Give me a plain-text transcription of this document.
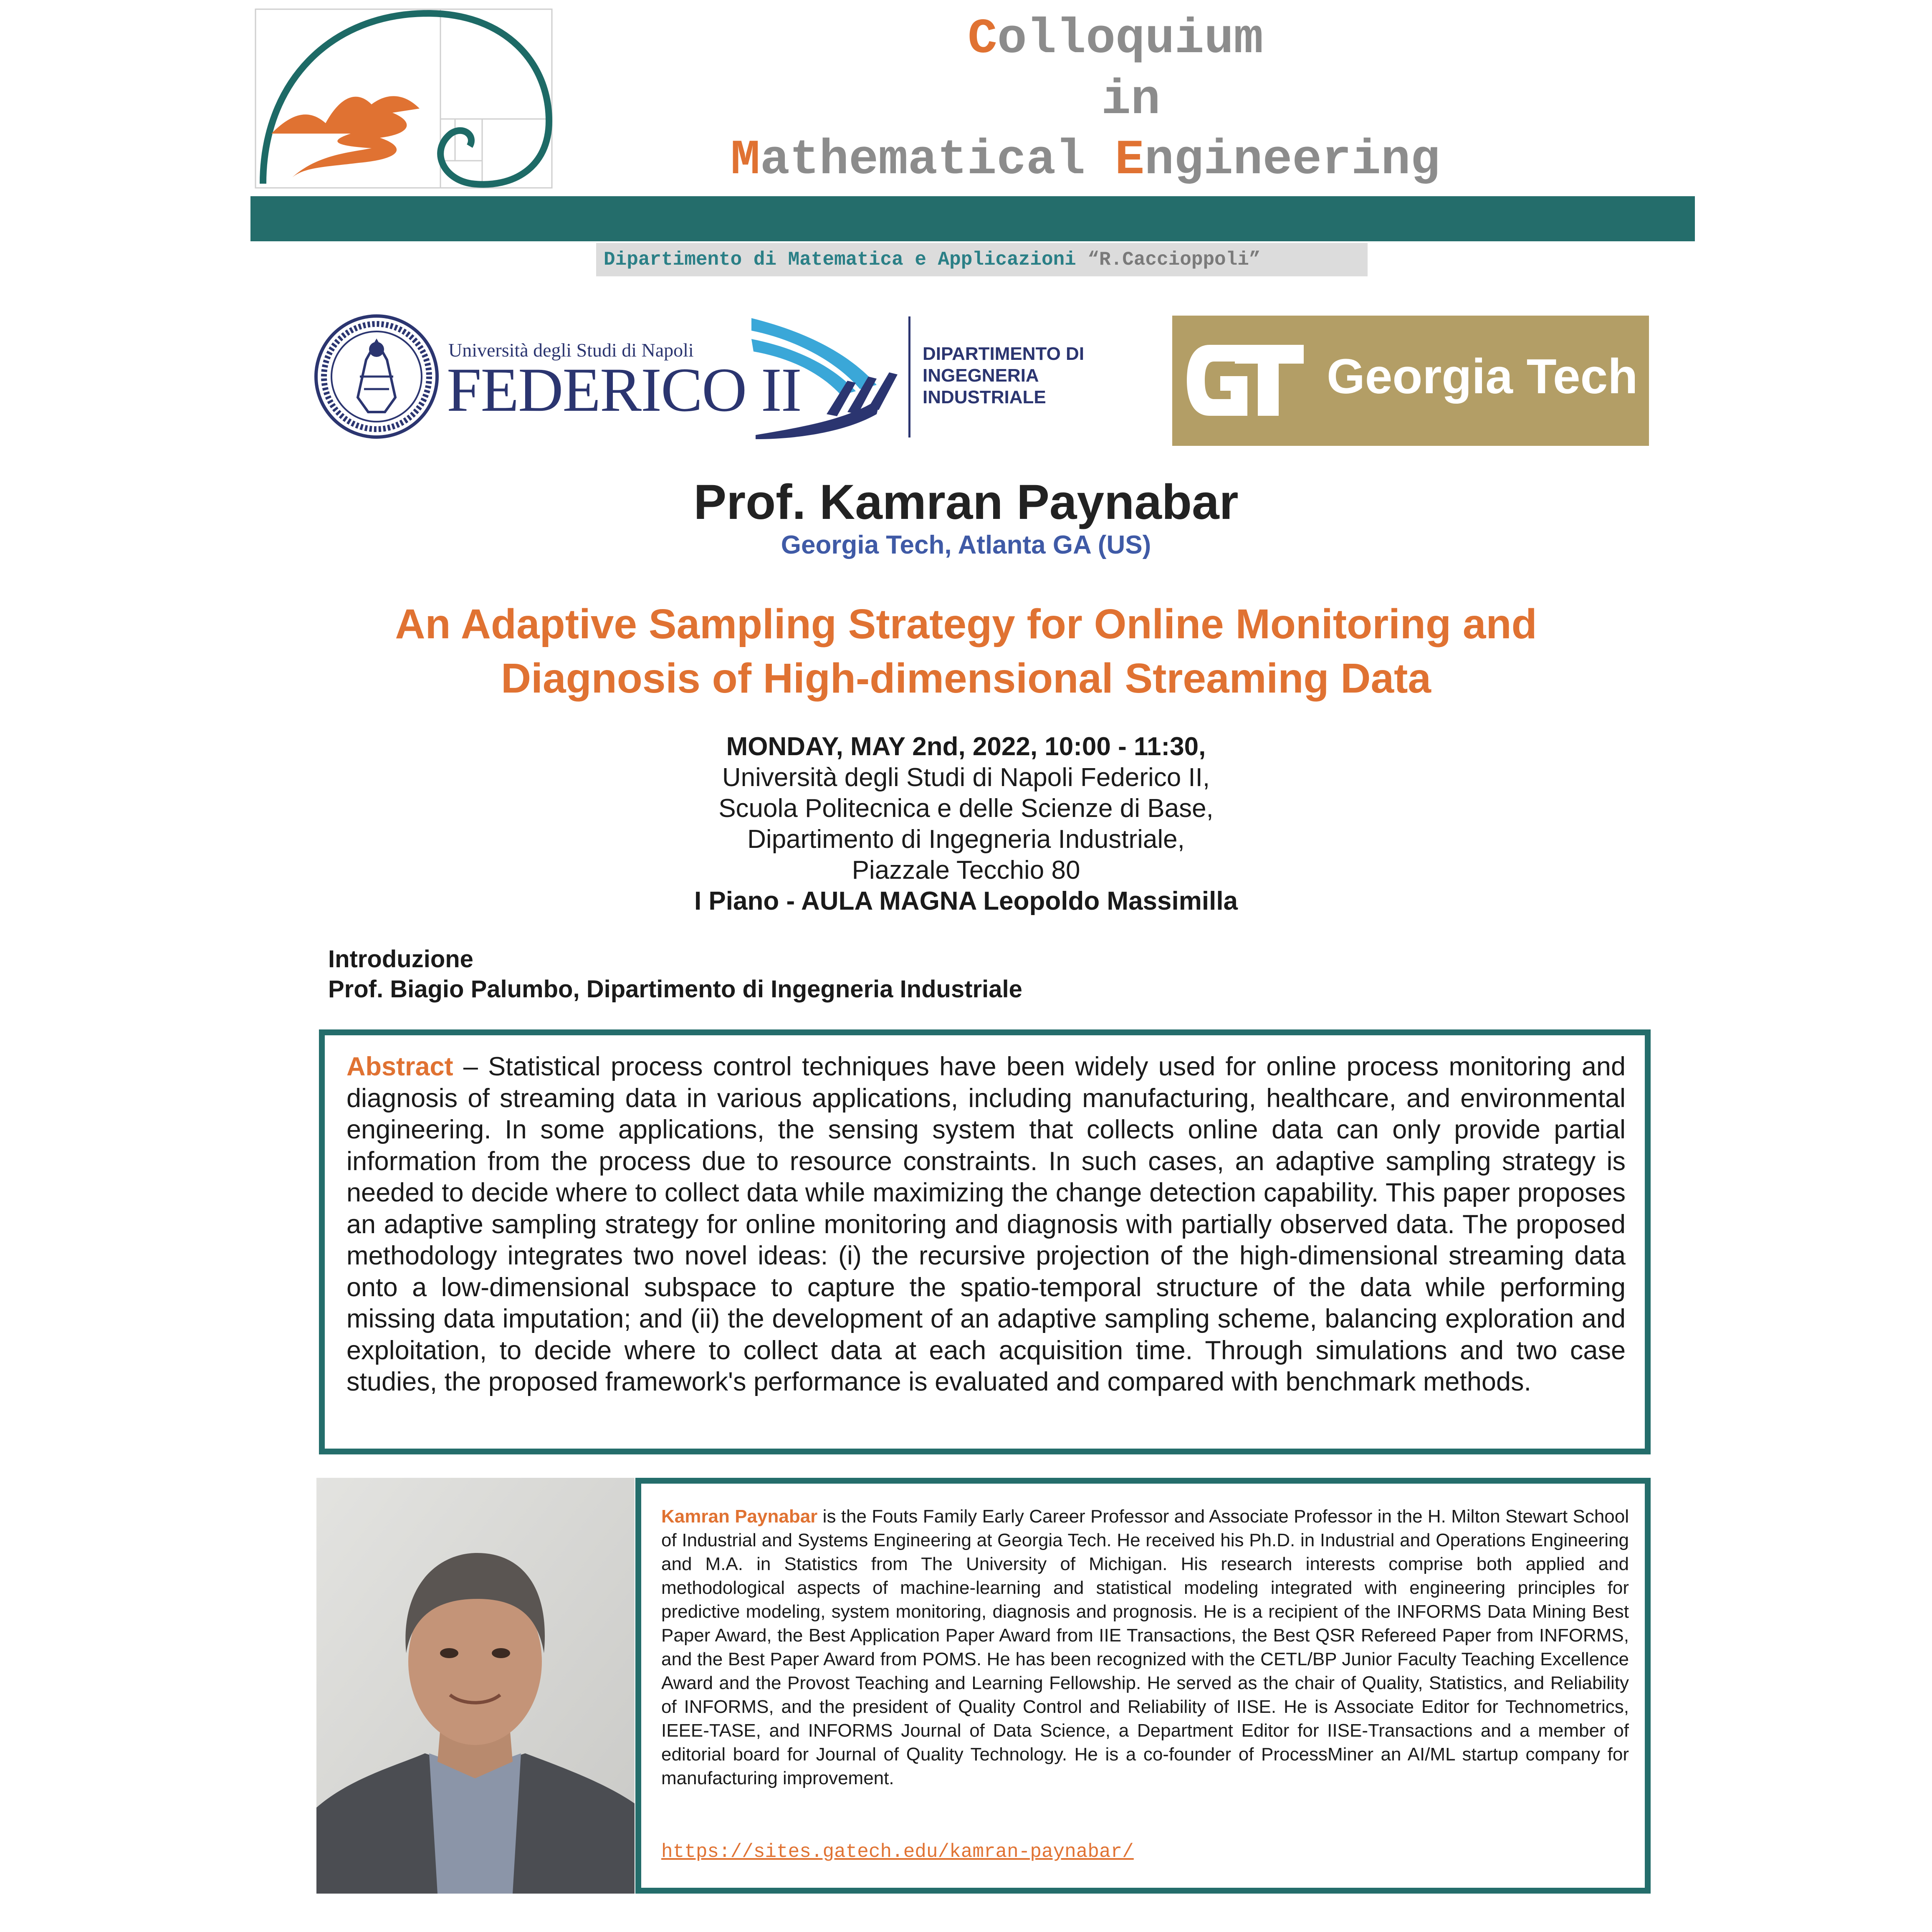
Colloquium
in
Mathematical Engineering
Dipartimento di Matematica e Applicazioni “R.Caccioppoli”
Università degli Studi di Napoli
FEDERICO II
DIPARTIMENTO DI
INGEGNERIA
INDUSTRIALE	Georgia Tech
Prof. Kamran Paynabar
Georgia Tech, Atlanta GA (US)
An Adaptive Sampling Strategy for Online Monitoring and
Diagnosis of High-dimensional Streaming Data
MONDAY, MAY 2nd, 2022, 10:00 - 11:30,
Università degli Studi di Napoli Federico II,
Scuola Politecnica e delle Scienze di Base,
Dipartimento di Ingegneria Industriale,
Piazzale Tecchio 80
I Piano - AULA MAGNA Leopoldo Massimilla
Introduzione
Prof. Biagio Palumbo, Dipartimento di Ingegneria Industriale
Abstract – Statistical process control techniques have been widely used for online process monitoring and diagnosis of streaming data in various applications, including manufacturing, healthcare, and environmental engineering. In some applications, the sensing system that collects online data can only provide partial information from the process due to resource constraints. In such cases, an adaptive sampling strategy is needed to decide where to collect data while maximizing the change detection capability. This paper proposes an adaptive sampling strategy for online monitoring and diagnosis with partially observed data. The proposed methodology integrates two novel ideas: (i) the recursive projection of the high-dimensional streaming data onto a low-dimensional subspace to capture the spatio-temporal structure of the data while performing missing data imputation; and (ii) the development of an adaptive sampling scheme, balancing exploration and exploitation, to decide where to collect data at each acquisition time. Through simulations and two case studies, the proposed framework's performance is evaluated and compared with benchmark methods.
Kamran Paynabar is the Fouts Family Early Career Professor and Associate Professor in the H. Milton Stewart School of Industrial and Systems Engineering at Georgia Tech. He received his Ph.D. in Industrial and Operations Engineering and M.A. in Statistics from The University of Michigan. His research interests comprise both applied and methodological aspects of machine-learning and statistical modeling integrated with engineering principles for predictive modeling, system monitoring, diagnosis and prognosis. He is a recipient of the INFORMS Data Mining Best Paper Award, the Best Application Paper Award from IIE Transactions, the Best QSR Refereed Paper from INFORMS, and the Best Paper Award from POMS. He has been recognized with the CETL/BP Junior Faculty Teaching Excellence Award and the Provost Teaching and Learning Fellowship. He served as the chair of Quality, Statistics, and Reliability of INFORMS, and the president of Quality Control and Reliability of IISE. He is Associate Editor for Technometrics, IEEE-TASE, and INFORMS Journal of Data Science, a Department Editor for IISE-Transactions and a member of editorial board for Journal of Quality Technology. He is a co-founder of ProcessMiner an AI/ML startup company for manufacturing improvement.
https://sites.gatech.edu/kamran-paynabar/
